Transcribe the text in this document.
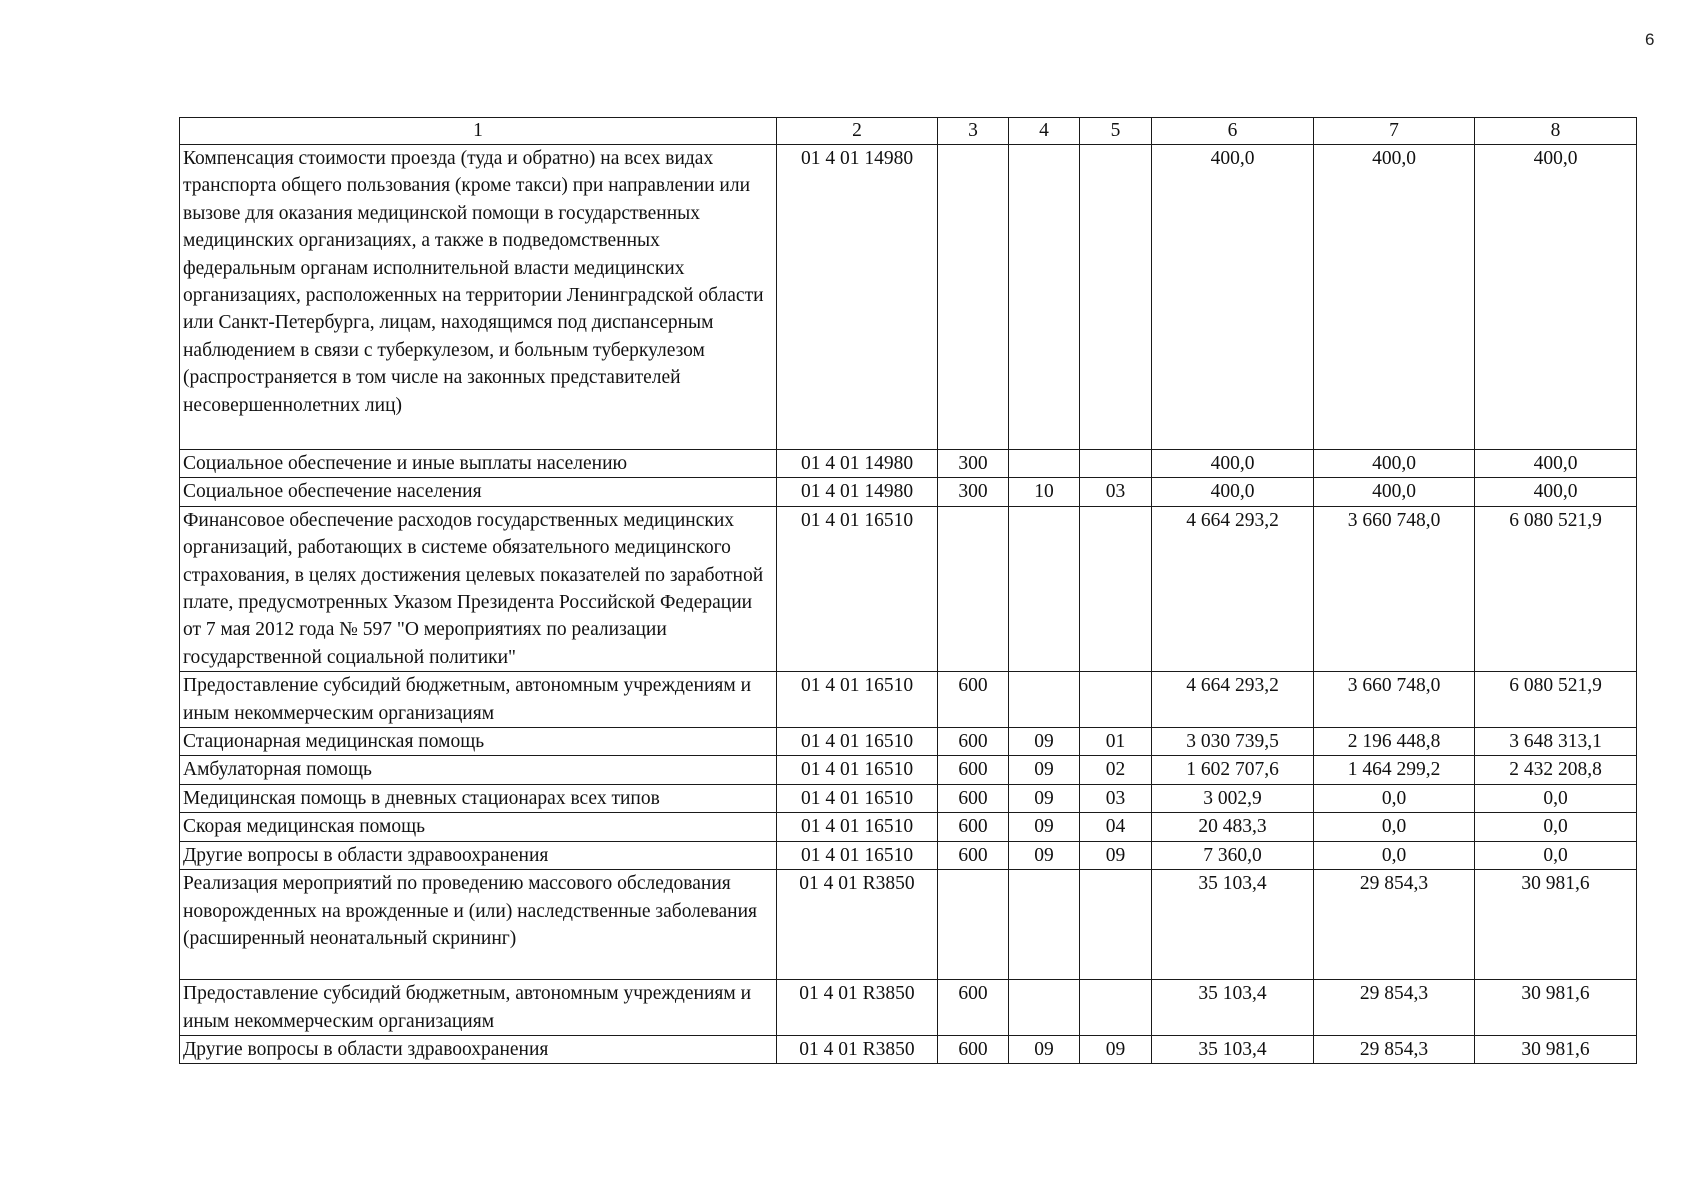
6
1	2	3	4	5	6	7	8
Компенсация стоимости проезда (туда и обратно) на всех видах транспорта общего пользования (кроме такси) при направлении или вызове для оказания медицинской помощи в государственных медицинских организациях, а также в подведомственных федеральным органам исполнительной власти медицинских организациях, расположенных на территории Ленинградской области или Санкт-Петербурга, лицам, находящимся под диспансерным наблюдением в связи с туберкулезом, и больным туберкулезом (распространяется в том числе на законных представителей несовершеннолетних лиц)	01 4 01 14980				400,0	400,0	400,0
Социальное обеспечение и иные выплаты населению	01 4 01 14980	300			400,0	400,0	400,0
Социальное обеспечение населения	01 4 01 14980	300	10	03	400,0	400,0	400,0
Финансовое обеспечение расходов государственных медицинских организаций, работающих в системе обязательного медицинского страхования, в целях достижения целевых показателей по заработной плате, предусмотренных Указом Президента Российской Федерации от 7 мая 2012 года № 597 "О мероприятиях по реализации государственной социальной политики"	01 4 01 16510				4 664 293,2	3 660 748,0	6 080 521,9
Предоставление субсидий бюджетным, автономным учреждениям и иным некоммерческим организациям	01 4 01 16510	600			4 664 293,2	3 660 748,0	6 080 521,9
Стационарная медицинская помощь	01 4 01 16510	600	09	01	3 030 739,5	2 196 448,8	3 648 313,1
Амбулаторная помощь	01 4 01 16510	600	09	02	1 602 707,6	1 464 299,2	2 432 208,8
Медицинская помощь в дневных стационарах всех типов	01 4 01 16510	600	09	03	3 002,9	0,0	0,0
Скорая медицинская помощь	01 4 01 16510	600	09	04	20 483,3	0,0	0,0
Другие вопросы в области здравоохранения	01 4 01 16510	600	09	09	7 360,0	0,0	0,0
Реализация мероприятий по проведению массового обследования новорожденных на врожденные и (или) наследственные заболевания (расширенный неонатальный скрининг)	01 4 01 R3850				35 103,4	29 854,3	30 981,6
Предоставление субсидий бюджетным, автономным учреждениям и иным некоммерческим организациям	01 4 01 R3850	600			35 103,4	29 854,3	30 981,6
Другие вопросы в области здравоохранения	01 4 01 R3850	600	09	09	35 103,4	29 854,3	30 981,6
